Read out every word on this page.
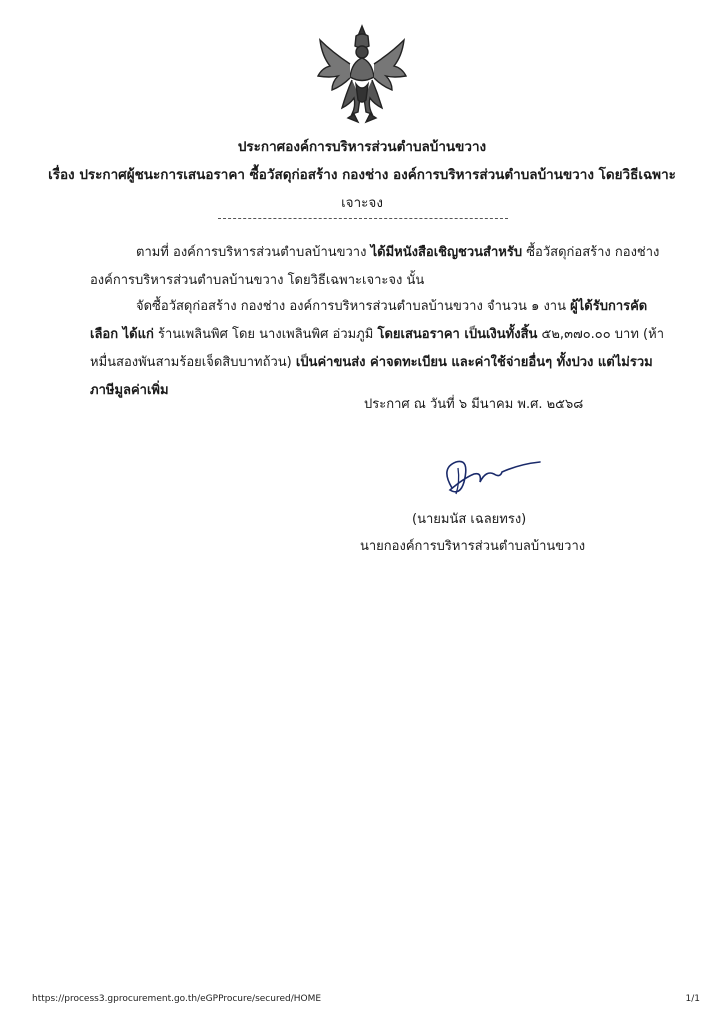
ประกาศองค์การบริหารส่วนตำบลบ้านขวาง
เรื่อง ประกาศผู้ชนะการเสนอราคา ซื้อวัสดุก่อสร้าง กองช่าง องค์การบริหารส่วนตำบลบ้านขวาง โดยวิธีเฉพาะ
เจาะจง
ตามที่ องค์การบริหารส่วนตำบลบ้านขวาง ได้มีหนังสือเชิญชวนสำหรับ ซื้อวัสดุก่อสร้าง กองช่าง องค์การบริหารส่วนตำบลบ้านขวาง โดยวิธีเฉพาะเจาะจง นั้น
จัดซื้อวัสดุก่อสร้าง กองช่าง องค์การบริหารส่วนตำบลบ้านขวาง จำนวน ๑ งาน ผู้ได้รับการคัดเลือก ได้แก่ ร้านเพลินพิศ โดย นางเพลินพิศ อ่วมภูมิ โดยเสนอราคา เป็นเงินทั้งสิ้น ๕๒,๓๗๐.๐๐ บาท (ห้าหมื่นสองพันสามร้อยเจ็ดสิบบาทถ้วน) เป็นค่าขนส่ง ค่าจดทะเบียน และค่าใช้จ่ายอื่นๆ ทั้งปวง แต่ไม่รวมภาษีมูลค่าเพิ่ม
ประกาศ ณ วันที่ ๖ มีนาคม พ.ศ. ๒๕๖๘
(นายมนัส เฉลยทรง)
นายกองค์การบริหารส่วนตำบลบ้านขวาง
https://process3.gprocurement.go.th/eGPProcure/secured/HOME	1/1
